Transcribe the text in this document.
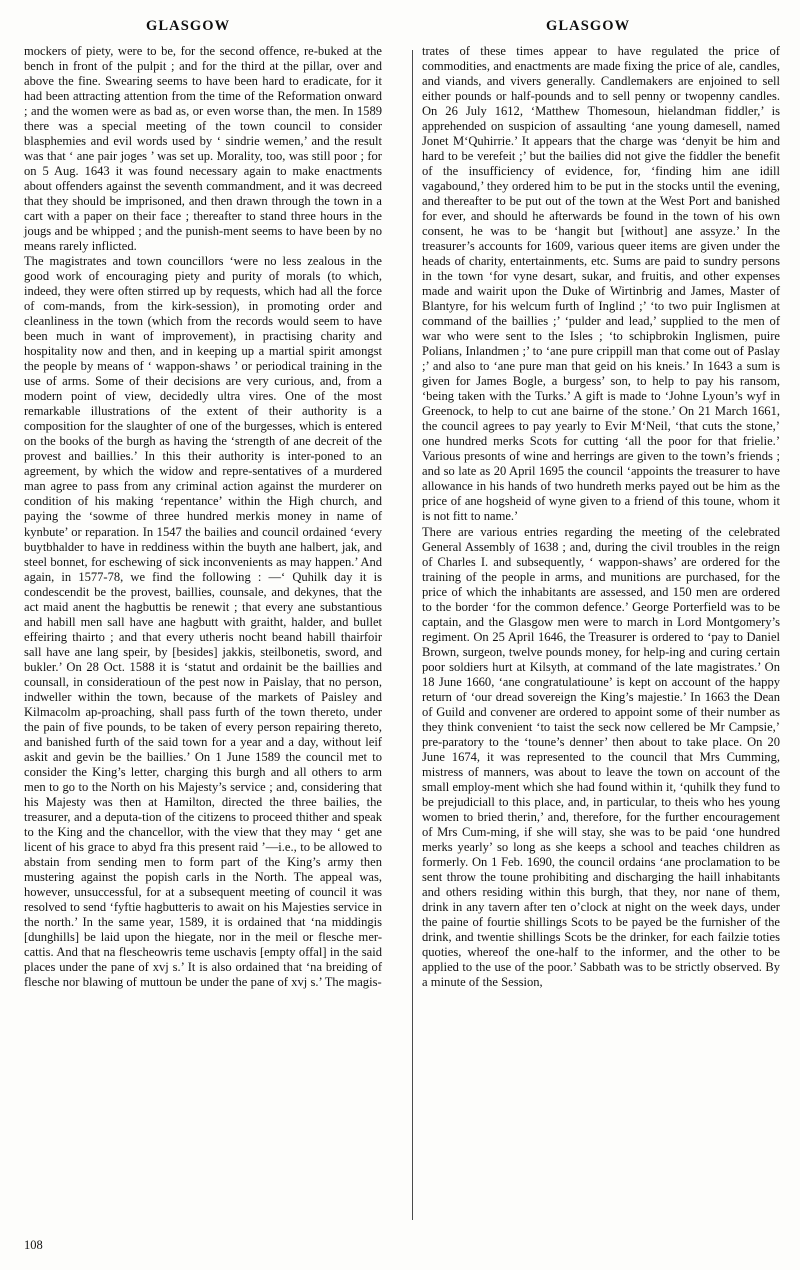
GLASGOW	GLASGOW

mockers of piety, were to be, for the second offence, re-buked at the bench in front of the pulpit ; and for the third at the pillar, over and above the fine. Swearing seems to have been hard to eradicate, for it had been attracting attention from the time of the Reformation onward ; and the women were as bad as, or even worse than, the men. In 1589 there was a special meeting of the town council to consider blasphemies and evil words used by ‘ sindrie wemen,’ and the result was that ‘ ane pair joges ’ was set up. Morality, too, was still poor ; for on 5 Aug. 1643 it was found necessary again to make enactments about offenders against the seventh commandment, and it was decreed that they should be imprisoned, and then drawn through the town in a cart with a paper on their face ; thereafter to stand three hours in the jougs and be whipped ; and the punish-ment seems to have been by no means rarely inflicted.

The magistrates and town councillors ‘were no less zealous in the good work of encouraging piety and purity of morals (to which, indeed, they were often stirred up by requests, which had all the force of com-mands, from the kirk-session), in promoting order and cleanliness in the town (which from the records would seem to have been much in want of improvement), in practising charity and hospitality now and then, and in keeping up a martial spirit amongst the people by means of ‘ wappon-shaws ’ or periodical training in the use of arms. Some of their decisions are very curious, and, from a modern point of view, decidedly ultra vires. One of the most remarkable illustrations of the extent of their authority is a composition for the slaughter of one of the burgesses, which is entered on the books of the burgh as having the ‘strength of ane decreit of the provest and baillies.’ In this their authority is inter-poned to an agreement, by which the widow and repre-sentatives of a murdered man agree to pass from any criminal action against the murderer on condition of his making ‘repentance’ within the High church, and paying the ‘sowme of three hundred merkis money in name of kynbute’ or reparation. In 1547 the bailies and council ordained ‘every buytbhalder to have in reddiness within the buyth ane halbert, jak, and steel bonnet, for eschewing of sick inconvenients as may happen.’ And again, in 1577-78, we find the following : —‘ Quhilk day it is condescendit be the provest, baillies, counsale, and dekynes, that the act maid anent the hagbuttis be renewit ; that every ane substantious and habill men sall have ane hagbutt with graitht, halder, and bullet effeiring thairto ; and that every utheris nocht beand habill thairfoir sall have ane lang speir, by [besides] jakkis, steilbonetis, sword, and bukler.’ On 28 Oct. 1588 it is ‘statut and ordainit be the baillies and counsall, in consideratioun of the pest now in Paislay, that no person, indweller within the town, because of the markets of Paisley and Kilmacolm ap-proaching, shall pass furth of the town thereto, under the pain of five pounds, to be taken of every person repairing thereto, and banished furth of the said town for a year and a day, without leif askit and gevin be the baillies.’ On 1 June 1589 the council met to consider the King’s letter, charging this burgh and all others to arm men to go to the North on his Majesty’s service ; and, considering that his Majesty was then at Hamilton, directed the three bailies, the treasurer, and a deputa-tion of the citizens to proceed thither and speak to the King and the chancellor, with the view that they may ‘ get ane licent of his grace to abyd fra this present raid ’—i.e., to be allowed to abstain from sending men to form part of the King’s army then mustering against the popish carls in the North. The appeal was, however, unsuccessful, for at a subsequent meeting of council it was resolved to send ‘fyftie hagbutteris to await on his Majesties service in the north.’ In the same year, 1589, it is ordained that ‘na middingis [dunghills] be laid upon the hiegate, nor in the meil or flesche mer-cattis. And that na flescheowris teme uschavis [empty offal] in the said places under the pane of xvj s.’ It is also ordained that ‘na breiding of flesche nor blawing of muttoun be under the pane of xvj s.’ The magis-

trates of these times appear to have regulated the price of commodities, and enactments are made fixing the price of ale, candles, and viands, and vivers generally. Candlemakers are enjoined to sell either pounds or half-pounds and to sell penny or twopenny candles. On 26 July 1612, ‘Matthew Thomesoun, hielandman fiddler,’ is apprehended on suspicion of assaulting ‘ane young damesell, named Jonet M‘Quhirrie.’ It appears that the charge was ‘denyit be him and hard to be verefeit ;’ but the bailies did not give the fiddler the benefit of the insufficiency of evidence, for, ‘finding him ane idill vagabound,’ they ordered him to be put in the stocks until the evening, and thereafter to be put out of the town at the West Port and banished for ever, and should he afterwards be found in the town of his own consent, he was to be ‘hangit but [without] ane assyze.’ In the treasurer’s accounts for 1609, various queer items are given under the heads of charity, entertainments, etc. Sums are paid to sundry persons in the town ‘for vyne desart, sukar, and fruitis, and other expenses made and wairit upon the Duke of Wirtinbrig and James, Master of Blantyre, for his welcum furth of Inglind ;’ ‘to two puir Inglismen at command of the baillies ;’ ‘pulder and lead,’ supplied to the men of war who were sent to the Isles ; ‘to schipbrokin Inglismen, puire Polians, Inlandmen ;’ to ‘ane pure crippill man that come out of Paslay ;’ and also to ‘ane pure man that geid on his kneis.’ In 1643 a sum is given for James Bogle, a burgess’ son, to help to pay his ransom, ‘being taken with the Turks.’ A gift is made to ‘Johne Lyoun’s wyf in Greenock, to help to cut ane bairne of the stone.’ On 21 March 1661, the council agrees to pay yearly to Evir M‘Neil, ‘that cuts the stone,’ one hundred merks Scots for cutting ‘all the poor for that frielie.’ Various presonts of wine and herrings are given to the town’s friends ; and so late as 20 April 1695 the council ‘appoints the treasurer to have allowance in his hands of two hundreth merks payed out be him as the price of ane hogsheid of wyne given to a friend of this toune, whom it is not fitt to name.’

There are various entries regarding the meeting of the celebrated General Assembly of 1638 ; and, during the civil troubles in the reign of Charles I. and subsequently, ‘ wappon-shaws’ are ordered for the training of the people in arms, and munitions are purchased, for the price of which the inhabitants are assessed, and 150 men are ordered to the border ‘for the common defence.’ George Porterfield was to be captain, and the Glasgow men were to march in Lord Montgomery’s regiment. On 25 April 1646, the Treasurer is ordered to ‘pay to Daniel Brown, surgeon, twelve pounds money, for help-ing and curing certain poor soldiers hurt at Kilsyth, at command of the late magistrates.’ On 18 June 1660, ‘ane congratulatioune’ is kept on account of the happy return of ‘our dread sovereign the King’s majestie.’ In 1663 the Dean of Guild and convener are ordered to appoint some of their number as they think convenient ‘to taist the seck now cellered be Mr Campsie,’ pre-paratory to the ‘toune’s denner’ then about to take place. On 20 June 1674, it was represented to the council that Mrs Cumming, mistress of manners, was about to leave the town on account of the small employ-ment which she had found within it, ‘quhilk they fund to be prejudiciall to this place, and, in particular, to theis who hes young women to bried therin,’ and, therefore, for the further encouragement of Mrs Cum-ming, if she will stay, she was to be paid ‘one hundred merks yearly’ so long as she keeps a school and teaches children as formerly. On 1 Feb. 1690, the council ordains ‘ane proclamation to be sent throw the toune prohibiting and discharging the haill inhabitants and others residing within this burgh, that they, nor nane of them, drink in any tavern after ten o’clock at night on the week days, under the paine of fourtie shillings Scots to be payed be the furnisher of the drink, and twentie shillings Scots be the drinker, for each failzie toties quoties, whereof the one-half to the informer, and the other to be applied to the use of the poor.’ Sabbath was to be strictly observed. By a minute of the Session,

108
